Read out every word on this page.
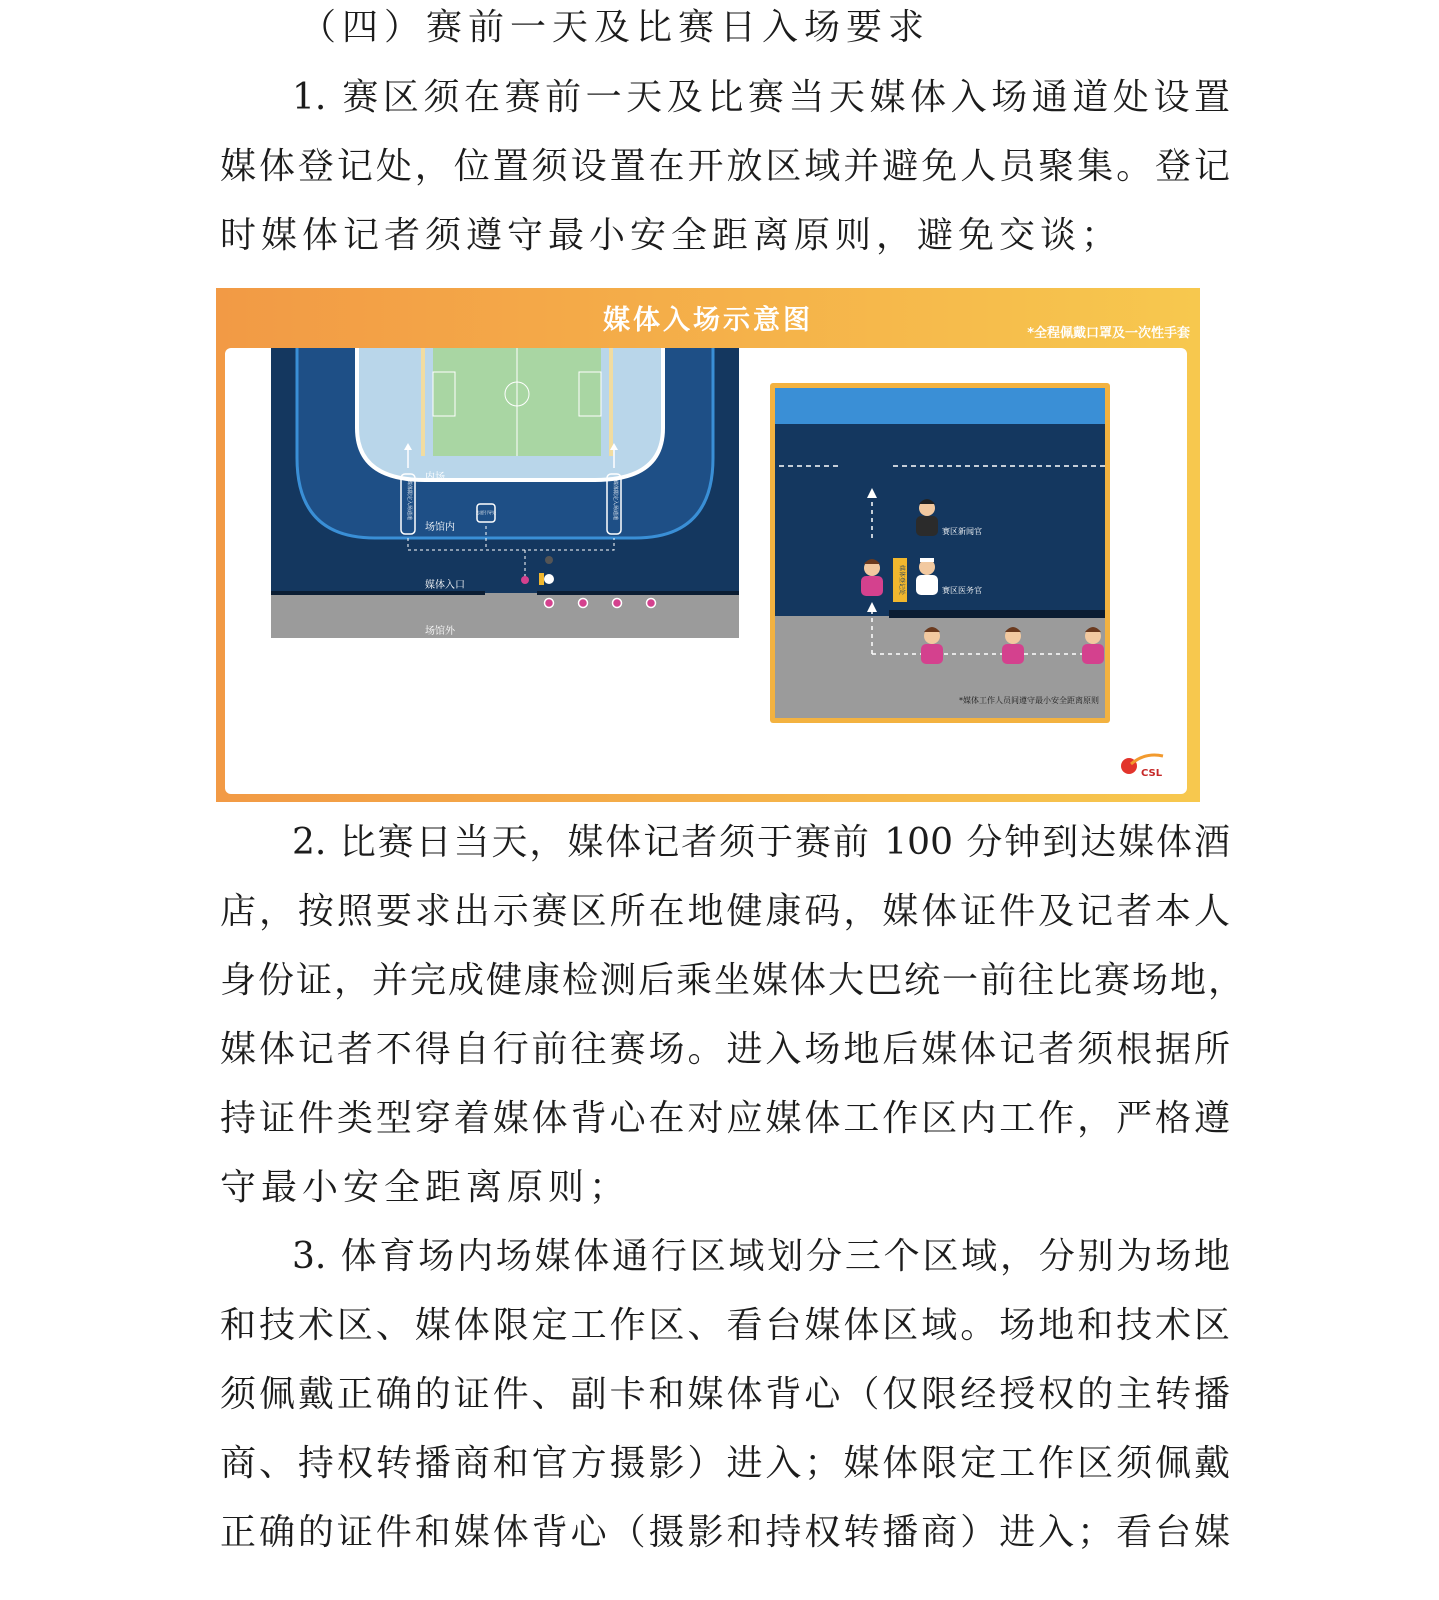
（四）赛前一天及比赛日入场要求
1. 赛区须在赛前一天及比赛当天媒体入场通道处设置
媒体登记处，位置须设置在开放区域并避免人员聚集。登记
时媒体记者须遵守最小安全距离原则，避免交谈；
媒体入场示意图	*全程佩戴口罩及一次性手套
媒体限定入场通道	媒体限定入场通道
志愿引导处
内场
场馆内
媒体入口
场馆外
媒体登记处
赛区新闻官
赛区医务官
*媒体工作人员间遵守最小安全距离原则
CSL
2. 比赛日当天，媒体记者须于赛前 100 分钟到达媒体酒
店，按照要求出示赛区所在地健康码，媒体证件及记者本人
身份证，并完成健康检测后乘坐媒体大巴统一前往比赛场地，
媒体记者不得自行前往赛场。进入场地后媒体记者须根据所
持证件类型穿着媒体背心在对应媒体工作区内工作，严格遵
守最小安全距离原则；
3. 体育场内场媒体通行区域划分三个区域，分别为场地
和技术区、媒体限定工作区、看台媒体区域。场地和技术区
须佩戴正确的证件、副卡和媒体背心（仅限经授权的主转播
商、持权转播商和官方摄影）进入；媒体限定工作区须佩戴
正确的证件和媒体背心（摄影和持权转播商）进入；看台媒
